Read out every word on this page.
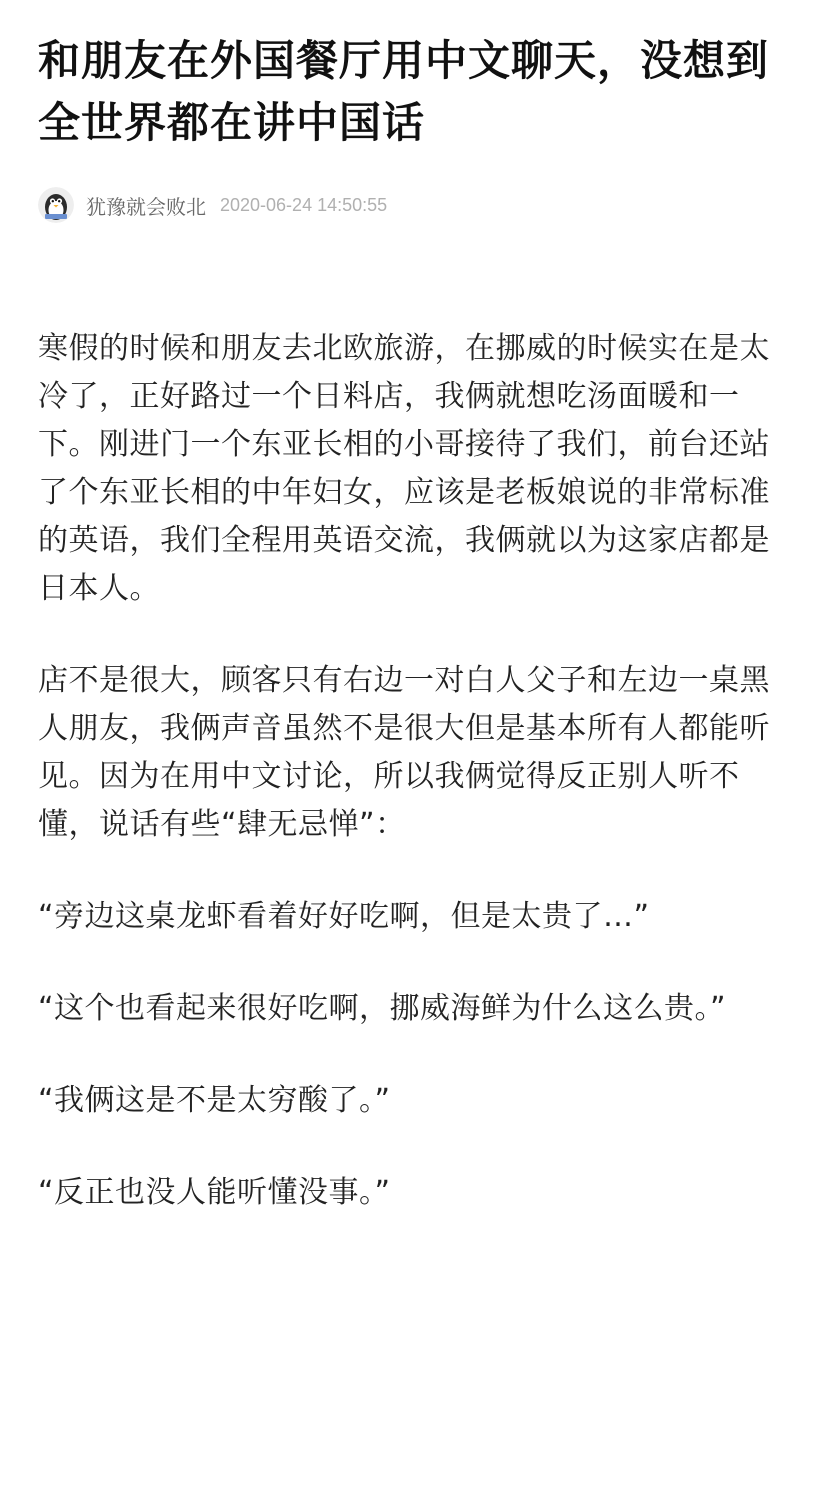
和朋友在外国餐厅用中文聊天，没想到全世界都在讲中国话
犹豫就会败北 2020-06-24 14:50:55

寒假的时候和朋友去北欧旅游，在挪威的时候实在是太冷了，正好路过一个日料店，我俩就想吃汤面暖和一下。刚进门一个东亚长相的小哥接待了我们，前台还站了个东亚长相的中年妇女，应该是老板娘说的非常标准的英语，我们全程用英语交流，我俩就以为这家店都是日本人。

店不是很大，顾客只有右边一对白人父子和左边一桌黑人朋友，我俩声音虽然不是很大但是基本所有人都能听见。因为在用中文讨论，所以我俩觉得反正别人听不懂，说话有些“肆无忌惮”：

“旁边这桌龙虾看着好好吃啊，但是太贵了…”

“这个也看起来很好吃啊，挪威海鲜为什么这么贵。”

“我俩这是不是太穷酸了。”

“反正也没人能听懂没事。”
